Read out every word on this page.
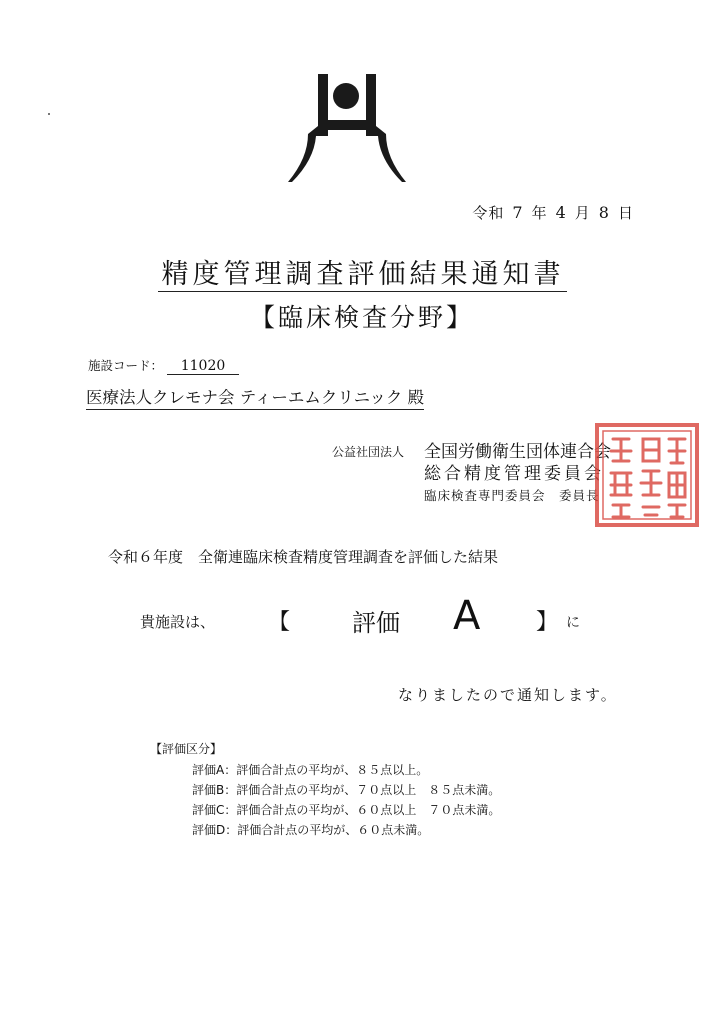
令和 7 年 4 月 8 日
精度管理調査評価結果通知書
【臨床検査分野】
施設コード： 11020
医療法人クレモナ会 ティーエムクリニック 殿
公益社団法人 全国労働衛生団体連合会
総合精度管理委員会
臨床検査専門委員会　委員長
令和６年度　全衛連臨床検査精度管理調査を評価した結果
貴施設は、 【	評価 A	】 に
なりましたので通知します。
【評価区分】
評価A：評価合計点の平均が、８５点以上。
評価B：評価合計点の平均が、７０点以上　８５点未満。
評価C：評価合計点の平均が、６０点以上　７０点未満。
評価D：評価合計点の平均が、６０点未満。
